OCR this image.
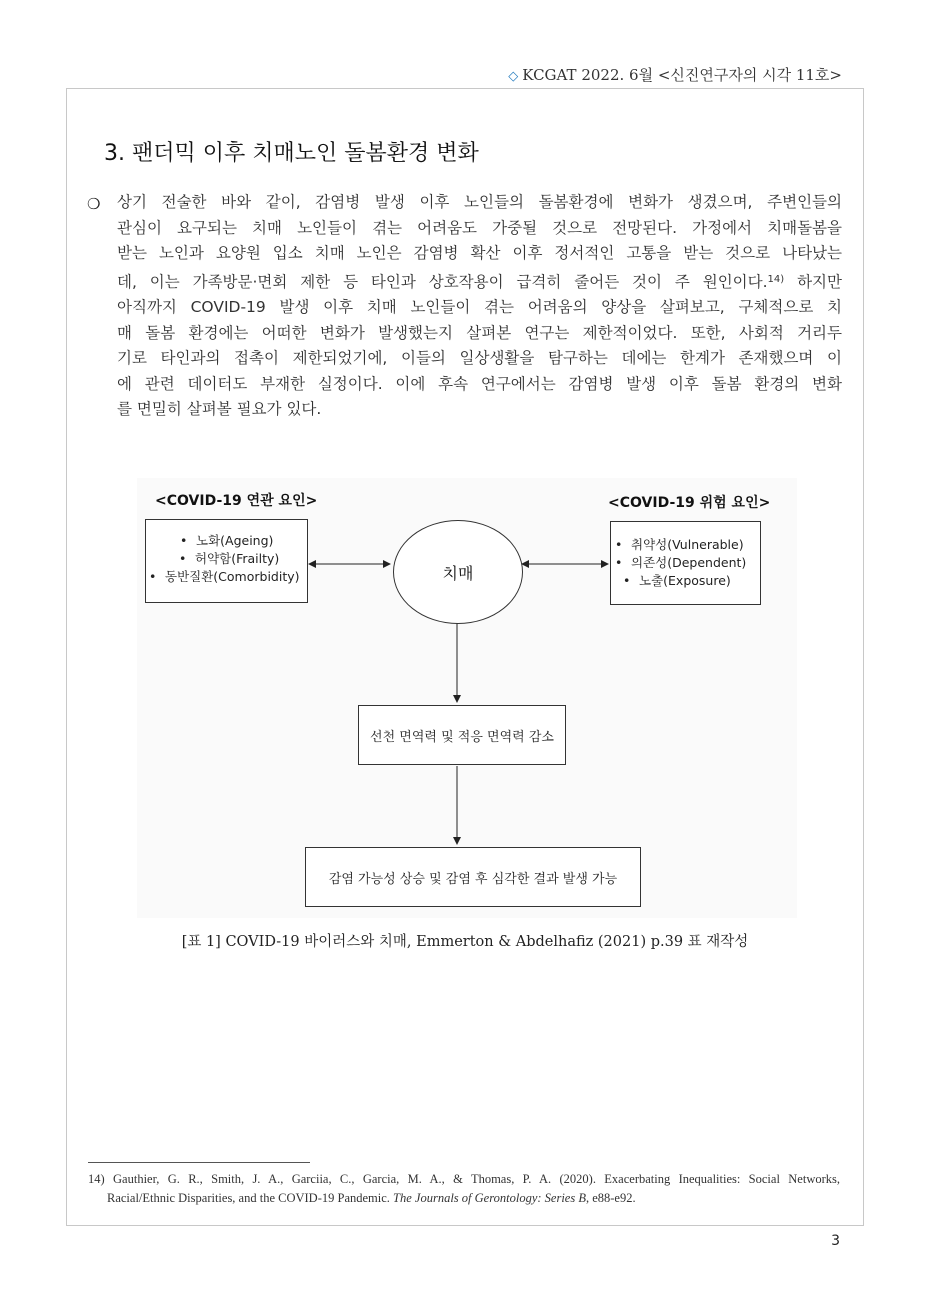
◇ KCGAT 2022. 6월 <신진연구자의 시각 11호>
3. 팬더믹 이후 치매노인 돌봄환경 변화
❍ 상기 전술한 바와 같이, 감염병 발생 이후 노인들의 돌봄환경에 변화가 생겼으며, 주변인들의
관심이 요구되는 치매 노인들이 겪는 어려움도 가중될 것으로 전망된다. 가정에서 치매돌봄을
받는 노인과 요양원 입소 치매 노인은 감염병 확산 이후 정서적인 고통을 받는 것으로 나타났는
데, 이는 가족방문·면회 제한 등 타인과 상호작용이 급격히 줄어든 것이 주 원인이다.$^{14)}$ 하지만
아직까지 COVID-19 발생 이후 치매 노인들이 겪는 어려움의 양상을 살펴보고, 구체적으로 치
매 돌봄 환경에는 어떠한 변화가 발생했는지 살펴본 연구는 제한적이었다. 또한, 사회적 거리두
기로 타인과의 접촉이 제한되었기에, 이들의 일상생활을 탐구하는 데에는 한계가 존재했으며 이
에 관련 데이터도 부재한 실정이다. 이에 후속 연구에서는 감염병 발생 이후 돌봄 환경의 변화
를 면밀히 살펴볼 필요가 있다.
<COVID-19 연관 요인>	<COVID-19 위험 요인>
• 노화(Ageing)
• 허약함(Frailty)
• 동반질환(Comorbidity)	치매
• 취약성(Vulnerable)
• 의존성(Dependent)
• 노출(Exposure)
선천 면역력 및 적응 면역력 감소
감염 가능성 상승 및 감염 후 심각한 결과 발생 가능
[표 1] COVID-19 바이러스와 치매, Emmerton & Abdelhafiz (2021) p.39 표 재작성
14) Gauthier, G. R., Smith, J. A., Garciia, C., Garcia, M. A., & Thomas, P. A. (2020). Exacerbating Inequalities: Social Networks,
Racial/Ethnic Disparities, and the COVID-19 Pandemic. The Journals of Gerontology: Series B, e88-e92.
3
